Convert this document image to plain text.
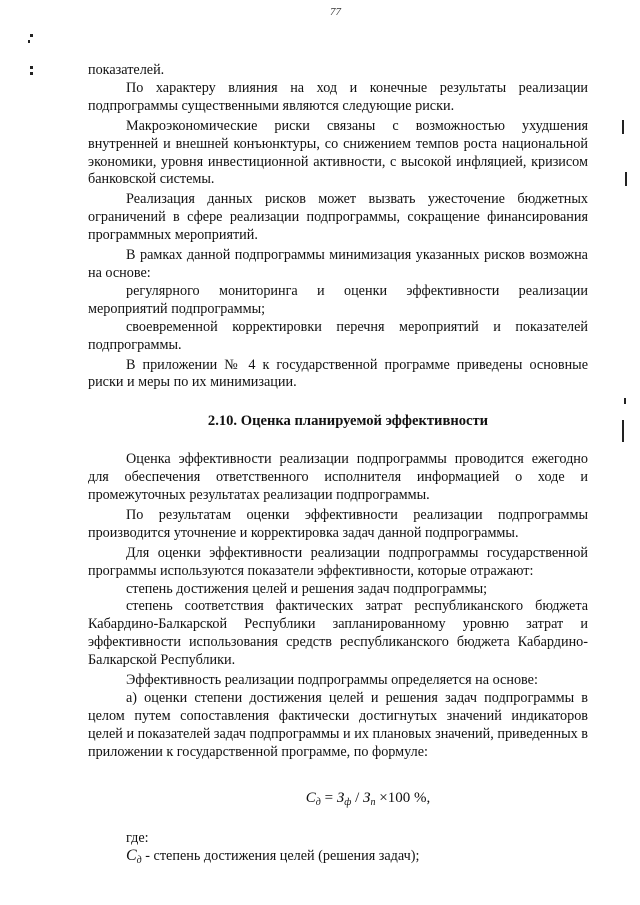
77

показателей.

По характеру влияния на ход и конечные результаты реализации подпрограммы существенными являются следующие риски.

Макроэкономические риски связаны с возможностью ухудшения внутренней и внешней конъюнктуры, со снижением темпов роста национальной экономики, уровня инвестиционной активности, с высокой инфляцией, кризисом банковской системы.

Реализация данных рисков может вызвать ужесточение бюджетных ограничений в сфере реализации подпрограммы, сокращение финансирования программных мероприятий.

В рамках данной подпрограммы минимизация указанных рисков возможна на основе:

регулярного мониторинга и оценки эффективности реализации мероприятий подпрограммы;

своевременной корректировки перечня мероприятий и показателей подпрограммы.

В приложении № 4 к государственной программе приведены основные риски и меры по их минимизации.

2.10. Оценка планируемой эффективности

Оценка эффективности реализации подпрограммы проводится ежегодно для обеспечения ответственного исполнителя информацией о ходе и промежуточных результатах реализации подпрограммы.

По результатам оценки эффективности реализации подпрограммы производится уточнение и корректировка задач данной подпрограммы.

Для оценки эффективности реализации подпрограммы государственной программы используются показатели эффективности, которые отражают:

степень достижения целей и решения задач подпрограммы;

степень соответствия фактических затрат республиканского бюджета Кабардино-Балкарской Республики запланированному уровню затрат и эффективности использования средств республиканского бюджета Кабардино-Балкарской Республики.

Эффективность реализации подпрограммы определяется на основе:

а) оценки степени достижения целей и решения задач подпрограммы в целом путем сопоставления фактически достигнутых значений индикаторов целей и показателей задач подпрограммы и их плановых значений, приведенных в приложении к государственной программе, по формуле:

$С_д = З_ф / З_п \times 100$ %,

где:

$С_д$ - степень достижения целей (решения задач);
